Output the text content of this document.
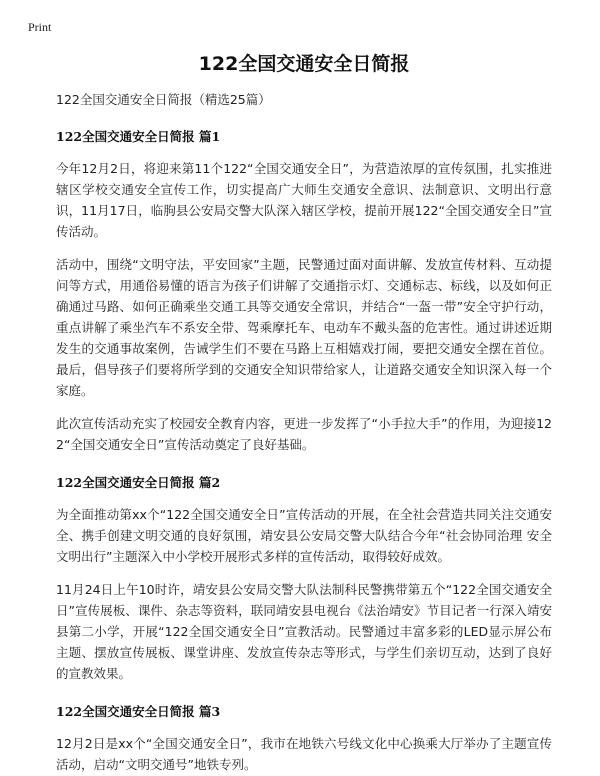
Print
122全国交通安全日简报
122全国交通安全日简报（精选25篇）
122全国交通安全日简报 篇1

今年12月2日，将迎来第11个122“全国交通安全日”，为营造浓厚的宣传氛围，扎实推进辖区学校交通安全宣传工作，切实提高广大师生交通安全意识、法制意识、文明出行意识，11月17日，临朐县公安局交警大队深入辖区学校，提前开展122“全国交通安全日”宣传活动。

活动中，围绕“文明守法，平安回家”主题，民警通过面对面讲解、发放宣传材料、互动提问等方式，用通俗易懂的语言为孩子们讲解了交通指示灯、交通标志、标线，以及如何正确通过马路、如何正确乘坐交通工具等交通安全常识，并结合“一盔一带”安全守护行动，重点讲解了乘坐汽车不系安全带、驾乘摩托车、电动车不戴头盔的危害性。通过讲述近期发生的交通事故案例，告诫学生们不要在马路上互相嬉戏打闹，要把交通安全摆在首位。最后，倡导孩子们要将所学到的交通安全知识带给家人，让道路交通安全知识深入每一个家庭。

此次宣传活动充实了校园安全教育内容，更进一步发挥了“小手拉大手”的作用，为迎接122“全国交通安全日”宣传活动奠定了良好基础。

122全国交通安全日简报 篇2

为全面推动第xx个“122全国交通安全日”宣传活动的开展，在全社会营造共同关注交通安全、携手创建文明交通的良好氛围，靖安县公安局交警大队结合今年“社会协同治理 安全文明出行”主题深入中小学校开展形式多样的宣传活动，取得较好成效。

11月24日上午10时许，靖安县公安局交警大队法制科民警携带第五个“122全国交通安全日”宣传展板、课件、杂志等资料，联同靖安县电视台《法治靖安》节目记者一行深入靖安县第二小学，开展“122全国交通安全日”宣教活动。民警通过丰富多彩的LED显示屏公布主题、摆放宣传展板、课堂讲座、发放宣传杂志等形式，与学生们亲切互动，达到了良好的宣教效果。

122全国交通安全日简报 篇3

12月2日是xx个“全国交通安全日”，我市在地铁六号线文化中心换乘大厅举办了主题宣传活动，启动“文明交通号”地铁专列。
